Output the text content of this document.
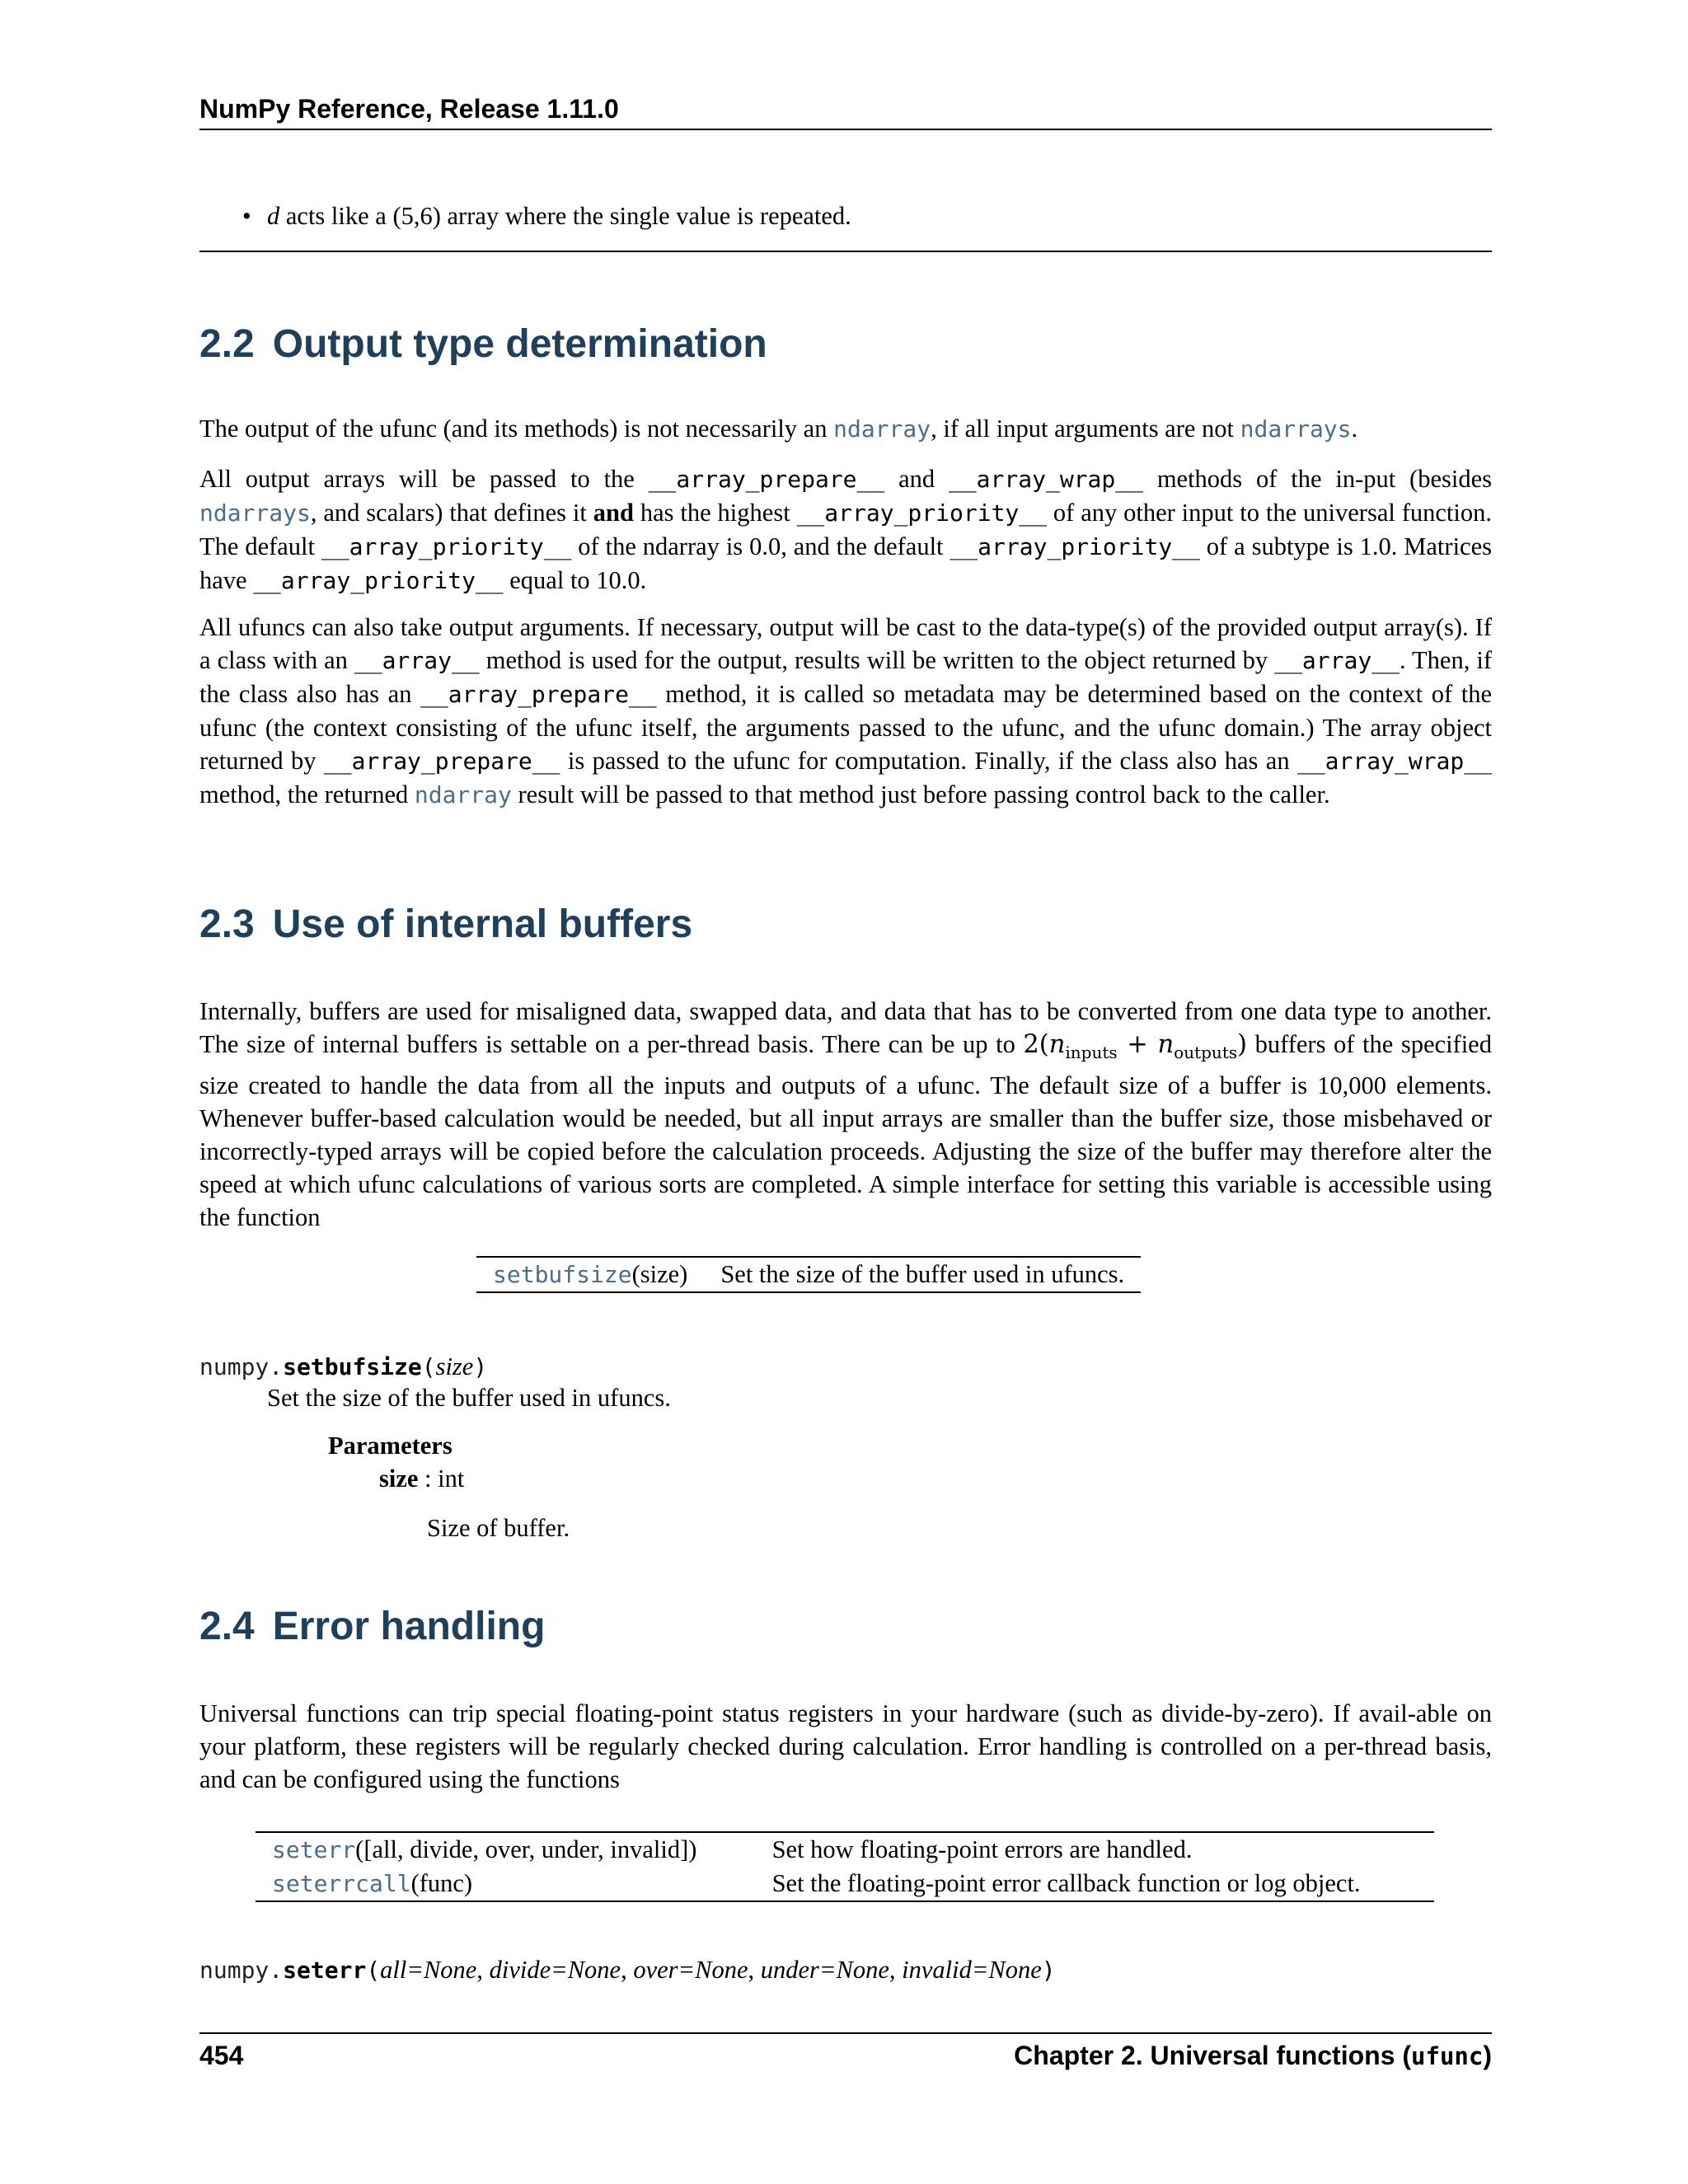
NumPy Reference, Release 1.11.0
• d acts like a (5,6) array where the single value is repeated.
2.2 Output type determination

The output of the ufunc (and its methods) is not necessarily an ndarray, if all input arguments are not ndarrays.

All output arrays will be passed to the __array_prepare__ and __array_wrap__ methods of the in-put (besides ndarrays, and scalars) that defines it and has the highest __array_priority__ of any other input to the universal function. The default __array_priority__ of the ndarray is 0.0, and the default __array_priority__ of a subtype is 1.0. Matrices have __array_priority__ equal to 10.0.

All ufuncs can also take output arguments. If necessary, output will be cast to the data-type(s) of the provided output array(s). If a class with an __array__ method is used for the output, results will be written to the object returned by __array__. Then, if the class also has an __array_prepare__ method, it is called so metadata may be determined based on the context of the ufunc (the context consisting of the ufunc itself, the arguments passed to the ufunc, and the ufunc domain.) The array object returned by __array_prepare__ is passed to the ufunc for computation. Finally, if the class also has an __array_wrap__ method, the returned ndarray result will be passed to that method just before passing control back to the caller.

2.3 Use of internal buffers

Internally, buffers are used for misaligned data, swapped data, and data that has to be converted from one data type to another. The size of internal buffers is settable on a per-thread basis. There can be up to $2(n_{inputs} + n_{outputs})$ buffers of the specified size created to handle the data from all the inputs and outputs of a ufunc. The default size of a buffer is 10,000 elements. Whenever buffer-based calculation would be needed, but all input arrays are smaller than the buffer size, those misbehaved or incorrectly-typed arrays will be copied before the calculation proceeds. Adjusting the size of the buffer may therefore alter the speed at which ufunc calculations of various sorts are completed. A simple interface for setting this variable is accessible using the function

setbufsize(size)	Set the size of the buffer used in ufuncs.
numpy.setbufsize(size)
Set the size of the buffer used in ufuncs.
Parameters
size : int
Size of buffer.
2.4 Error handling

Universal functions can trip special floating-point status registers in your hardware (such as divide-by-zero). If avail-able on your platform, these registers will be regularly checked during calculation. Error handling is controlled on a per-thread basis, and can be configured using the functions

seterr([all, divide, over, under, invalid])	Set how floating-point errors are handled.
seterrcall(func)	Set the floating-point error callback function or log object.
numpy.seterr(all=None, divide=None, over=None, under=None, invalid=None)
454	Chapter 2. Universal functions (ufunc)
